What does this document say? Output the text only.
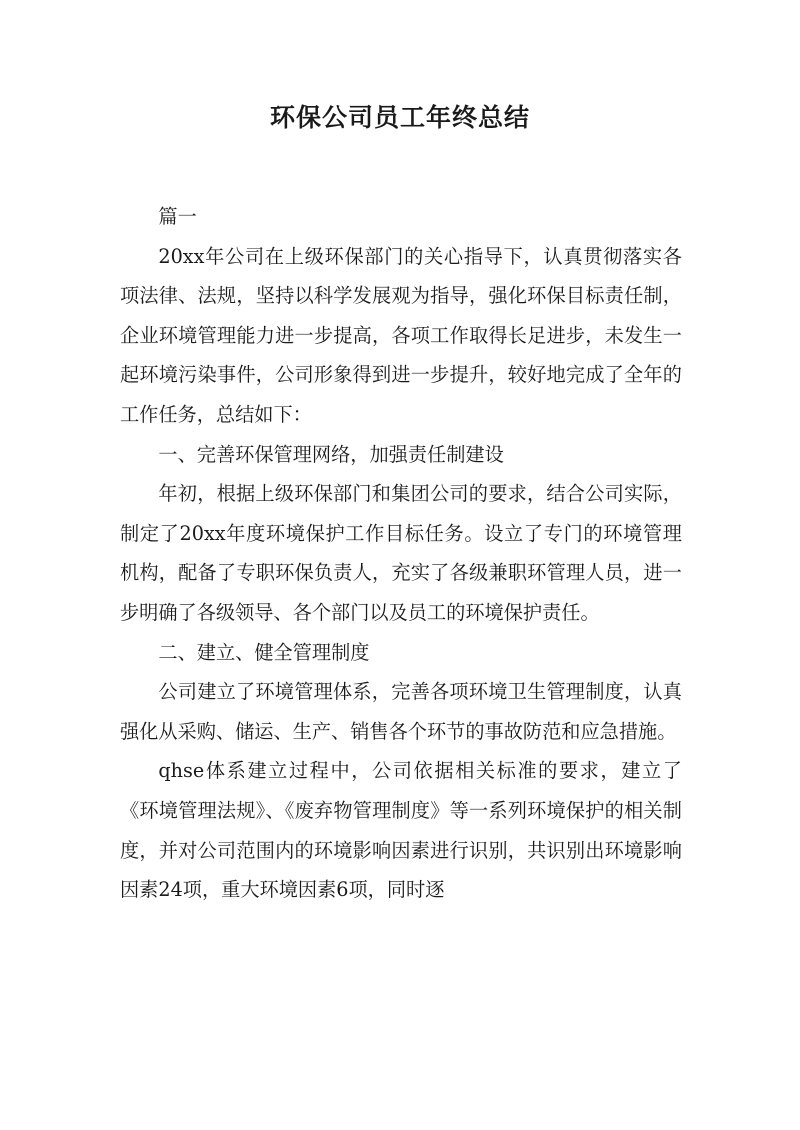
环保公司员工年终总结

篇一

20xx年公司在上级环保部门的关心指导下，认真贯彻落实各项法律、法规，坚持以科学发展观为指导，强化环保目标责任制，企业环境管理能力进一步提高，各项工作取得长足进步，未发生一起环境污染事件，公司形象得到进一步提升，较好地完成了全年的工作任务，总结如下：

一、完善环保管理网络，加强责任制建设

年初，根据上级环保部门和集团公司的要求，结合公司实际，制定了20xx年度环境保护工作目标任务。设立了专门的环境管理机构，配备了专职环保负责人，充实了各级兼职环管理人员，进一步明确了各级领导、各个部门以及员工的环境保护责任。

二、建立、健全管理制度

公司建立了环境管理体系，完善各项环境卫生管理制度，认真强化从采购、储运、生产、销售各个环节的事故防范和应急措施。

qhse体系建立过程中，公司依据相关标准的要求，建立了《环境管理法规》、《废弃物管理制度》等一系列环境保护的相关制度，并对公司范围内的环境影响因素进行识别，共识别出环境影响因素24项，重大环境因素6项，同时逐
